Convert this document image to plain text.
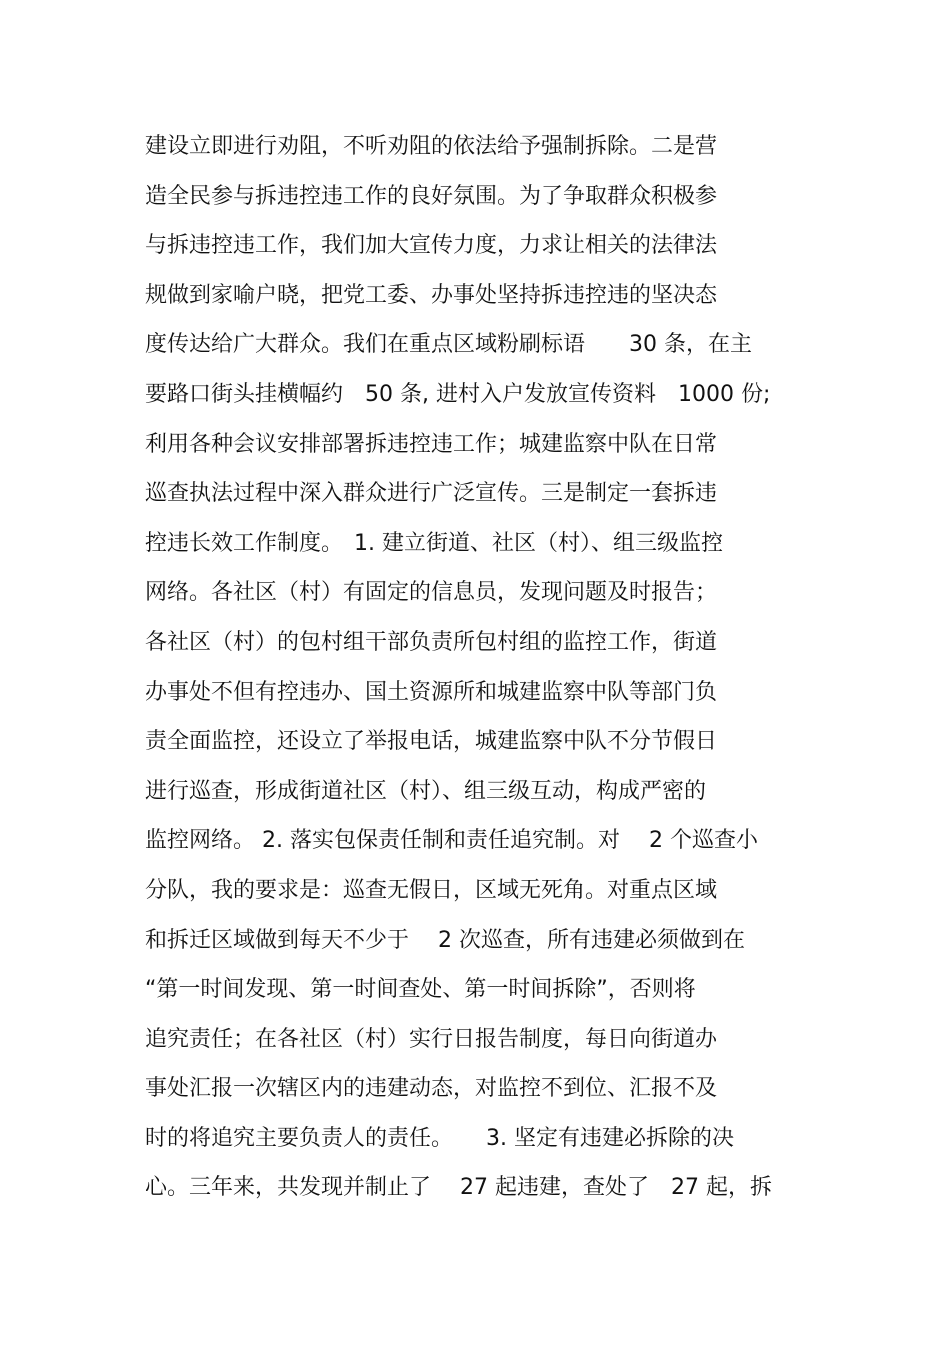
建设立即进行劝阻，不听劝阻的依法给予强制拆除。二是营
造全民参与拆违控违工作的良好氛围。为了争取群众积极参
与拆违控违工作，我们加大宣传力度，力求让相关的法律法
规做到家喻户晓，把党工委、办事处坚持拆违控违的坚决态
度传达给广大群众。我们在重点区域粉刷标语　　30 条，在主
要路口街头挂横幅约　50 条, 进村入户发放宣传资料　1000 份;
利用各种会议安排部署拆违控违工作；城建监察中队在日常
巡查执法过程中深入群众进行广泛宣传。三是制定一套拆违
控违长效工作制度。　1. 建立街道、社区（村）、组三级监控
网络。各社区（村）有固定的信息员，发现问题及时报告；
各社区（村）的包村组干部负责所包村组的监控工作，街道
办事处不但有控违办、国土资源所和城建监察中队等部门负
责全面监控，还设立了举报电话，城建监察中队不分节假日
进行巡查，形成街道社区（村）、组三级互动，构成严密的
监控网络。 2. 落实包保责任制和责任追究制。对　 2 个巡查小
分队，我的要求是：巡查无假日，区域无死角。对重点区域
和拆迁区域做到每天不少于　 2 次巡查，所有违建必须做到在
“第一时间发现、第一时间查处、第一时间拆除”，否则将
追究责任；在各社区（村）实行日报告制度，每日向街道办
事处汇报一次辖区内的违建动态，对监控不到位、汇报不及
时的将追究主要负责人的责任。　　3. 坚定有违建必拆除的决
心。三年来，共发现并制止了　 27 起违建，查处了　27 起，拆
